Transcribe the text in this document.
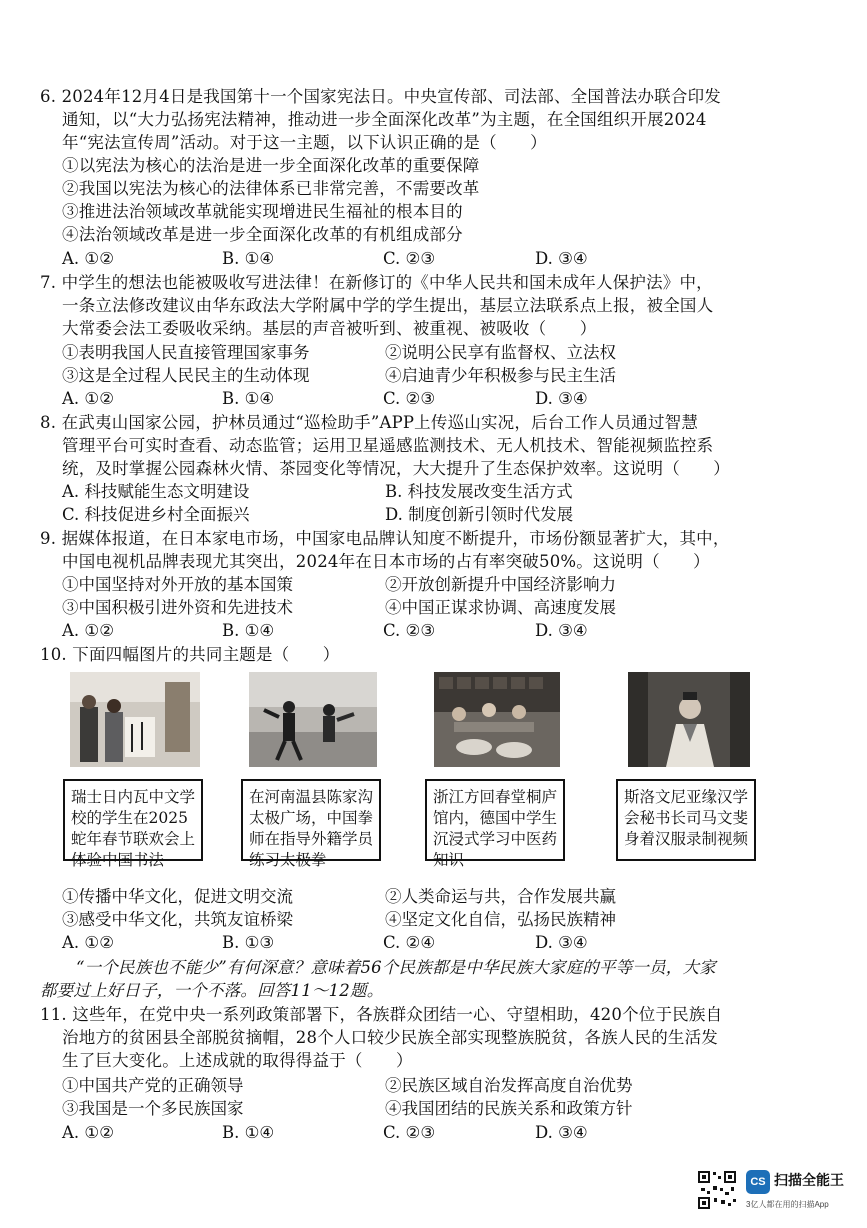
6. 2024年12月4日是我国第十一个国家宪法日。中央宣传部、司法部、全国普法办联合印发
通知，以“大力弘扬宪法精神，推动进一步全面深化改革”为主题，在全国组织开展2024
年“宪法宣传周”活动。对于这一主题，以下认识正确的是（　　）
①以宪法为核心的法治是进一步全面深化改革的重要保障
②我国以宪法为核心的法律体系已非常完善，不需要改革
③推进法治领域改革就能实现增进民生福祉的根本目的
④法治领域改革是进一步全面深化改革的有机组成部分
A. ①②	B. ①④	C. ②③	D. ③④
7. 中学生的想法也能被吸收写进法律！在新修订的《中华人民共和国未成年人保护法》中，
一条立法修改建议由华东政法大学附属中学的学生提出，基层立法联系点上报，被全国人
大常委会法工委吸收采纳。基层的声音被听到、被重视、被吸收（　　）
①表明我国人民直接管理国家事务	②说明公民享有监督权、立法权
③这是全过程人民民主的生动体现	④启迪青少年积极参与民主生活
A. ①②	B. ①④	C. ②③	D. ③④
8. 在武夷山国家公园，护林员通过“巡检助手”APP上传巡山实况，后台工作人员通过智慧
管理平台可实时查看、动态监管；运用卫星遥感监测技术、无人机技术、智能视频监控系
统，及时掌握公园森林火情、茶园变化等情况，大大提升了生态保护效率。这说明（　　）
A. 科技赋能生态文明建设	B. 科技发展改变生活方式
C. 科技促进乡村全面振兴	D. 制度创新引领时代发展
9. 据媒体报道，在日本家电市场，中国家电品牌认知度不断提升，市场份额显著扩大，其中，
中国电视机品牌表现尤其突出，2024年在日本市场的占有率突破50%。这说明（　　）
①中国坚持对外开放的基本国策	②开放创新提升中国经济影响力
③中国积极引进外资和先进技术	④中国正谋求协调、高速度发展
A. ①②	B. ①④	C. ②③	D. ③④
10. 下面四幅图片的共同主题是（　　）
瑞士日内瓦中文学校的学生在2025蛇年春节联欢会上体验中国书法
在河南温县陈家沟太极广场，中国拳师在指导外籍学员练习太极拳
浙江方回春堂桐庐馆内，德国中学生沉浸式学习中医药知识
斯洛文尼亚缘汉学会秘书长司马文斐身着汉服录制视频
①传播中华文化，促进文明交流	②人类命运与共，合作发展共赢
③感受中华文化，共筑友谊桥梁	④坚定文化自信，弘扬民族精神
A. ①②	B. ①③	C. ②④	D. ③④
“一个民族也不能少”有何深意？意味着56个民族都是中华民族大家庭的平等一员，大家
都要过上好日子，一个不落。回答11～12题。
11. 这些年，在党中央一系列政策部署下，各族群众团结一心、守望相助，420个位于民族自
治地方的贫困县全部脱贫摘帽，28个人口较少民族全部实现整族脱贫，各族人民的生活发
生了巨大变化。上述成就的取得得益于（　　）
①中国共产党的正确领导	②民族区域自治发挥高度自治优势
③我国是一个多民族国家	④我国团结的民族关系和政策方针
A. ①②	B. ①④	C. ②③	D. ③④
CS 扫描全能王
3亿人都在用的扫描App
